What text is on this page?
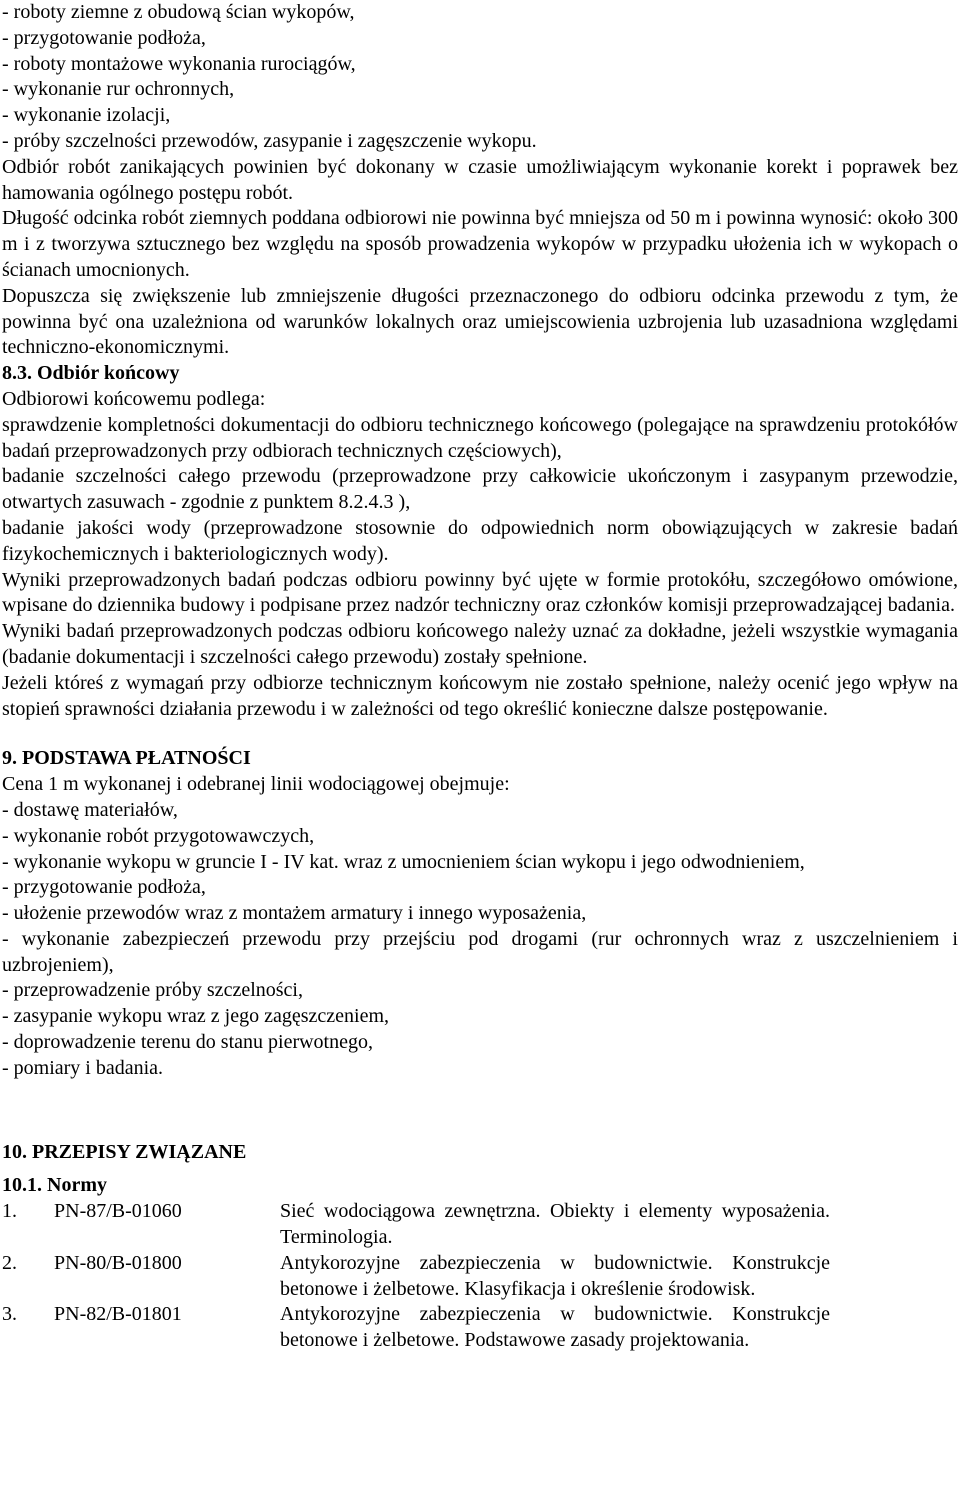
- roboty ziemne z obudową ścian wykopów,
- przygotowanie podłoża,
- roboty montażowe wykonania rurociągów,
- wykonanie rur ochronnych,
- wykonanie izolacji,
- próby szczelności przewodów, zasypanie i zagęszczenie wykopu.

Odbiór robót zanikających powinien być dokonany w czasie umożliwiającym wykonanie korekt i poprawek bez hamowania ogólnego postępu robót.

Długość odcinka robót ziemnych poddana odbiorowi nie powinna być mniejsza od 50 m i powinna wynosić: około 300 m i z tworzywa sztucznego bez względu na sposób prowadzenia wykopów w przypadku ułożenia ich w wykopach o ścianach umocnionych.

Dopuszcza się zwiększenie lub zmniejszenie długości przeznaczonego do odbioru odcinka przewodu z tym, że powinna być ona uzależniona od warunków lokalnych oraz umiejscowienia uzbrojenia lub uzasadniona względami techniczno-ekonomicznymi.

8.3. Odbiór końcowy

Odbiorowi końcowemu podlega:

sprawdzenie kompletności dokumentacji do odbioru technicznego końcowego (polegające na sprawdzeniu protokółów badań przeprowadzonych przy odbiorach technicznych częściowych),

badanie szczelności całego przewodu (przeprowadzone przy całkowicie ukończonym i zasypanym przewodzie, otwartych zasuwach - zgodnie z punktem 8.2.4.3 ),

badanie jakości wody (przeprowadzone stosownie do odpowiednich norm obowiązujących w zakresie badań fizykochemicznych i bakteriologicznych wody).

Wyniki przeprowadzonych badań podczas odbioru powinny być ujęte w formie protokółu, szczegółowo omówione, wpisane do dziennika budowy i podpisane przez nadzór techniczny oraz członków komisji przeprowadzającej badania.

Wyniki badań przeprowadzonych podczas odbioru końcowego należy uznać za dokładne, jeżeli wszystkie wymagania (badanie dokumentacji i szczelności całego przewodu) zostały spełnione.

Jeżeli któreś z wymagań przy odbiorze technicznym końcowym nie zostało spełnione, należy ocenić jego wpływ na stopień sprawności działania przewodu i w zależności od tego określić konieczne dalsze postępowanie.

9. PODSTAWA PŁATNOŚCI

Cena 1 m wykonanej i odebranej linii wodociągowej obejmuje:

- dostawę materiałów,
- wykonanie robót przygotowawczych,
- wykonanie wykopu w gruncie I - IV kat. wraz z umocnieniem ścian wykopu i jego odwodnieniem,
- przygotowanie podłoża,
- ułożenie przewodów wraz z montażem armatury i innego wyposażenia,

- wykonanie zabezpieczeń przewodu przy przejściu pod drogami (rur ochronnych wraz z uszczelnieniem i uzbrojeniem),

- przeprowadzenie próby szczelności,
- zasypanie wykopu wraz z jego zagęszczeniem,
- doprowadzenie terenu do stanu pierwotnego,
- pomiary i badania.

10. PRZEPISY ZWIĄZANE

10.1. Normy

1.	PN-87/B-01060	Sieć wodociągowa zewnętrzna. Obiekty i elementy wyposażenia. Terminologia.
2.	PN-80/B-01800	Antykorozyjne zabezpieczenia w budownictwie. Konstrukcje betonowe i żelbetowe. Klasyfikacja i określenie środowisk.
3.	PN-82/B-01801	Antykorozyjne zabezpieczenia w budownictwie. Konstrukcje betonowe i żelbetowe. Podstawowe zasady projektowania.
